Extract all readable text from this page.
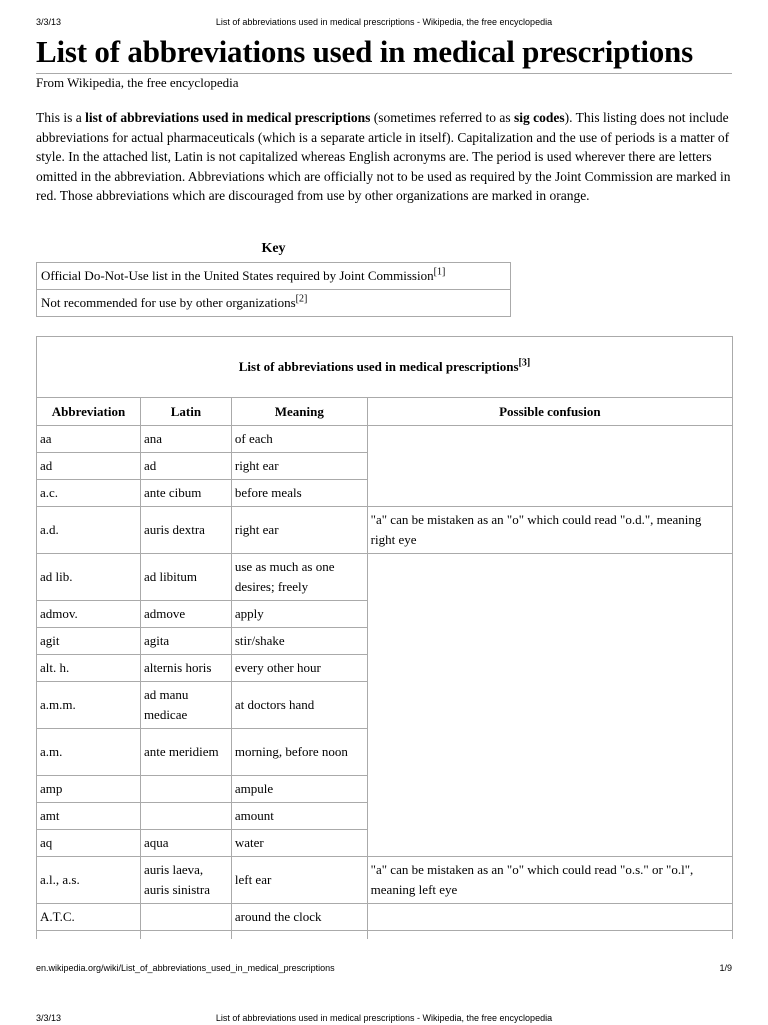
3/3/13	List of abbreviations used in medical prescriptions - Wikipedia, the free encyclopedia
List of abbreviations used in medical prescriptions
From Wikipedia, the free encyclopedia

This is a list of abbreviations used in medical prescriptions (sometimes referred to as sig codes). This listing does not include abbreviations for actual pharmaceuticals (which is a separate article in itself). Capitalization and the use of periods is a matter of style. In the attached list, Latin is not capitalized whereas English acronyms are. The period is used wherever there are letters omitted in the abbreviation. Abbreviations which are officially not to be used as required by the Joint Commission are marked in red. Those abbreviations which are discouraged from use by other organizations are marked in orange.

Key
Official Do-Not-Use list in the United States required by Joint Commission[1]
Not recommended for use by other organizations[2]
List of abbreviations used in medical prescriptions[3]
Abbreviation	Latin	Meaning	Possible confusion
aa	ana	of each	
ad	ad	right ear	
a.c.	ante cibum	before meals	
a.d.	auris dextra	right ear	"a" can be mistaken as an "o" which could read "o.d.", meaning right eye
ad lib.	ad libitum	use as much as one desires; freely	
admov.	admove	apply	
agit	agita	stir/shake	
alt. h.	alternis horis	every other hour	
a.m.m.	ad manu medicae	at doctors hand	
a.m.	ante meridiem	morning, before noon	
amp		ampule	
amt		amount	
aq	aqua	water	
a.l., a.s.	auris laeva, auris sinistra	left ear	"a" can be mistaken as an "o" which could read "o.s." or "o.l", meaning left eye
A.T.C.		around the clock	

en.wikipedia.org/wiki/List_of_abbreviations_used_in_medical_prescriptions	1/9
3/3/13	List of abbreviations used in medical prescriptions - Wikipedia, the free encyclopedia
